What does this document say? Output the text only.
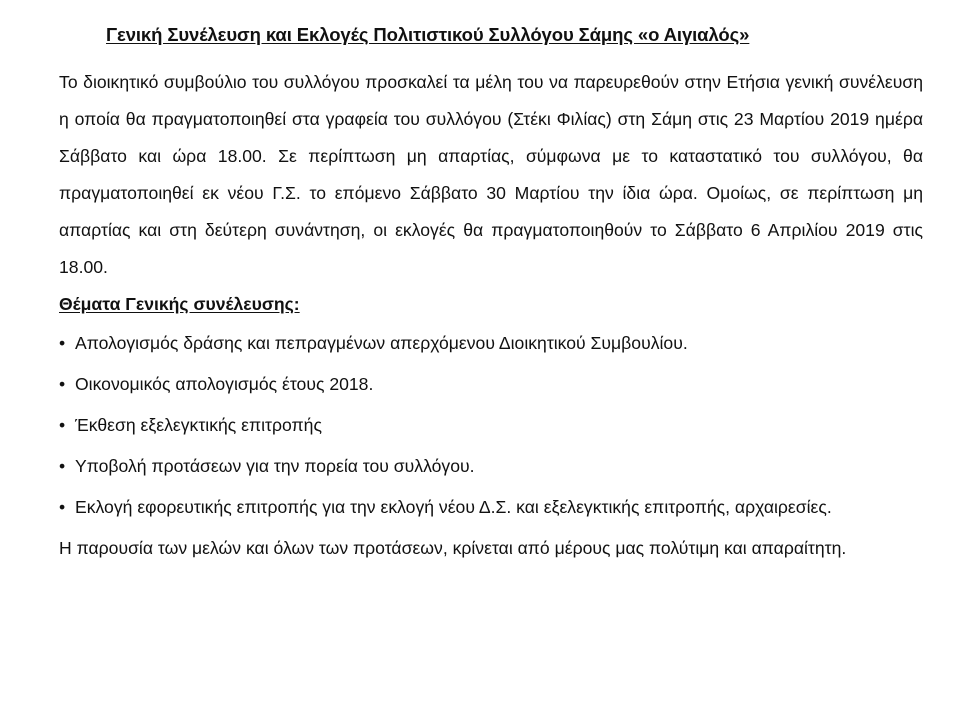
Γενική Συνέλευση και Εκλογές Πολιτιστικού Συλλόγου Σάμης «ο Αιγιαλός»

Το διοικητικό συμβούλιο του συλλόγου προσκαλεί τα μέλη του να παρευρεθούν στην Ετήσια γενική συνέλευση η οποία θα πραγματοποιηθεί στα γραφεία του συλλόγου (Στέκι Φιλίας) στη Σάμη στις 23 Μαρτίου 2019 ημέρα Σάββατο και ώρα 18.00. Σε περίπτωση μη απαρτίας, σύμφωνα με το καταστατικό του συλλόγου, θα πραγματοποιηθεί εκ νέου Γ.Σ. το επόμενο Σάββατο 30 Μαρτίου την ίδια ώρα. Ομοίως, σε περίπτωση μη απαρτίας και στη δεύτερη συνάντηση, οι εκλογές θα πραγματοποιηθούν το Σάββατο 6 Απριλίου 2019 στις 18.00.

Θέματα Γενικής συνέλευσης:

• Απολογισμός δράσης και πεπραγμένων απερχόμενου Διοικητικού Συμβουλίου.
• Οικονομικός απολογισμός έτους 2018.
• Έκθεση εξελεγκτικής επιτροπής
• Υποβολή προτάσεων για την πορεία του συλλόγου.
• Εκλογή εφορευτικής επιτροπής για την εκλογή νέου Δ.Σ. και εξελεγκτικής επιτροπής, αρχαιρεσίες.

Η παρουσία των μελών και όλων των προτάσεων, κρίνεται από μέρους μας πολύτιμη και απαραίτητη.
